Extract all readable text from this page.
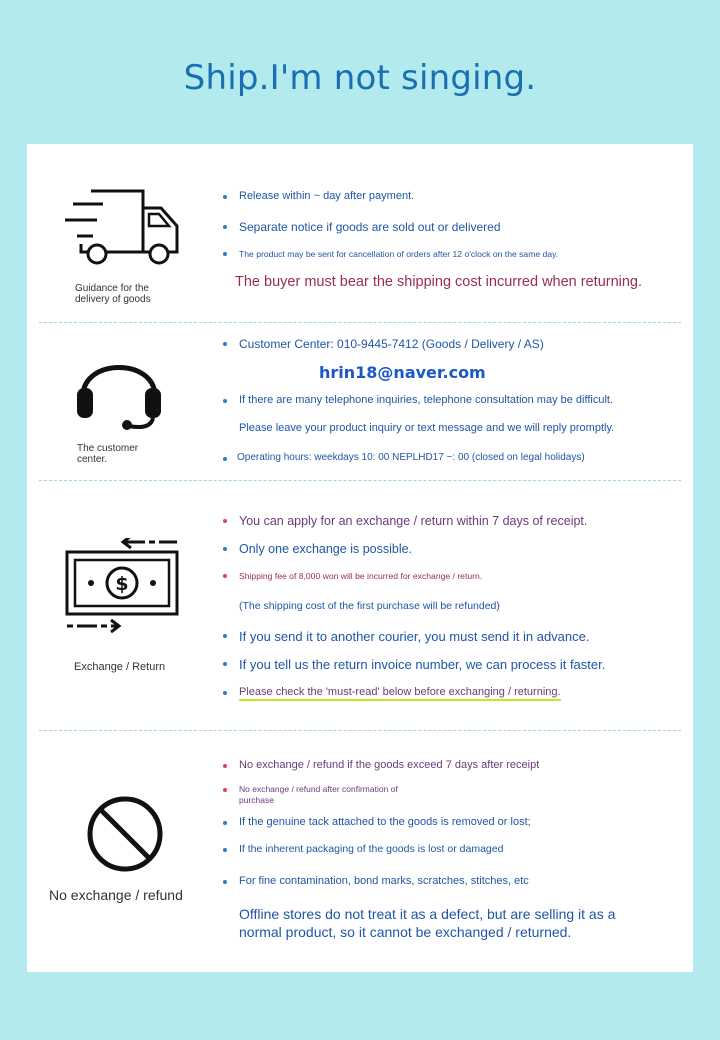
Ship.I'm not singing.
Guidance for the
delivery of goods
Release within ~ day after payment.
Separate notice if goods are sold out or delivered
The product may be sent for cancellation of orders after 12 o'clock on the same day.
The buyer must bear the shipping cost incurred when returning.
The customer
center.
Customer Center: 010-9445-7412 (Goods / Delivery / AS)
hrin18@naver.com
If there are many telephone inquiries, telephone consultation may be difficult.
Please leave your product inquiry or text message and we will reply promptly.
Operating hours: weekdays 10: 00 NEPLHD17 ~: 00 (closed on legal holidays)
$
Exchange / Return
You can apply for an exchange / return within 7 days of receipt.
Only one exchange is possible.
Shipping fee of 8,000 won will be incurred for exchange / return.
(The shipping cost of the first purchase will be refunded)
If you send it to another courier, you must send it in advance.
If you tell us the return invoice number, we can process it faster.
Please check the 'must-read' below before exchanging / returning.
No exchange / refund
No exchange / refund if the goods exceed 7 days after receipt
No exchange / refund after confirmation of
purchase
If the genuine tack attached to the goods is removed or lost;
If the inherent packaging of the goods is lost or damaged
For fine contamination, bond marks, scratches, stitches, etc
Offline stores do not treat it as a defect, but are selling it as a
normal product, so it cannot be exchanged / returned.
